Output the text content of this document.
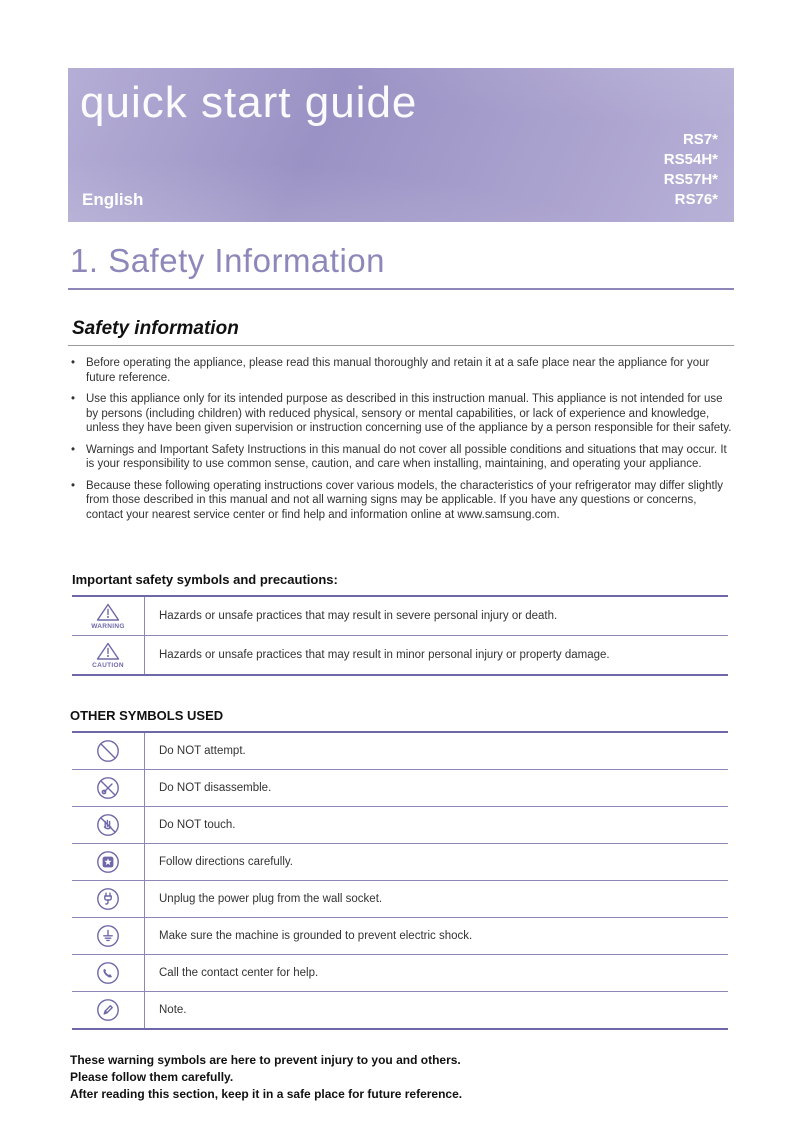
quick start guide
English
RS7*
RS54H*
RS57H*
RS76*
1. Safety Information
Safety information
• Before operating the appliance, please read this manual thoroughly and retain it at a safe place near the appliance for your future reference.
• Use this appliance only for its intended purpose as described in this instruction manual. This appliance is not intended for use by persons (including children) with reduced physical, sensory or mental capabilities, or lack of experience and knowledge, unless they have been given supervision or instruction concerning use of the appliance by a person responsible for their safety.
• Warnings and Important Safety Instructions in this manual do not cover all possible conditions and situations that may occur. It is your responsibility to use common sense, caution, and care when installing, maintaining, and operating your appliance.
• Because these following operating instructions cover various models, the characteristics of your refrigerator may differ slightly from those described in this manual and not all warning signs may be applicable. If you have any questions or concerns, contact your nearest service center or find help and information online at www.samsung.com.
Important safety symbols and precautions:
WARNING
Hazards or unsafe practices that may result in severe personal injury or death.
CAUTION
Hazards or unsafe practices that may result in minor personal injury or property damage.
OTHER SYMBOLS USED
Do NOT attempt.
Do NOT disassemble.
Do NOT touch.
Follow directions carefully.
Unplug the power plug from the wall socket.
Make sure the machine is grounded to prevent electric shock.
Call the contact center for help.
Note.
These warning symbols are here to prevent injury to you and others.
Please follow them carefully.
After reading this section, keep it in a safe place for future reference.
